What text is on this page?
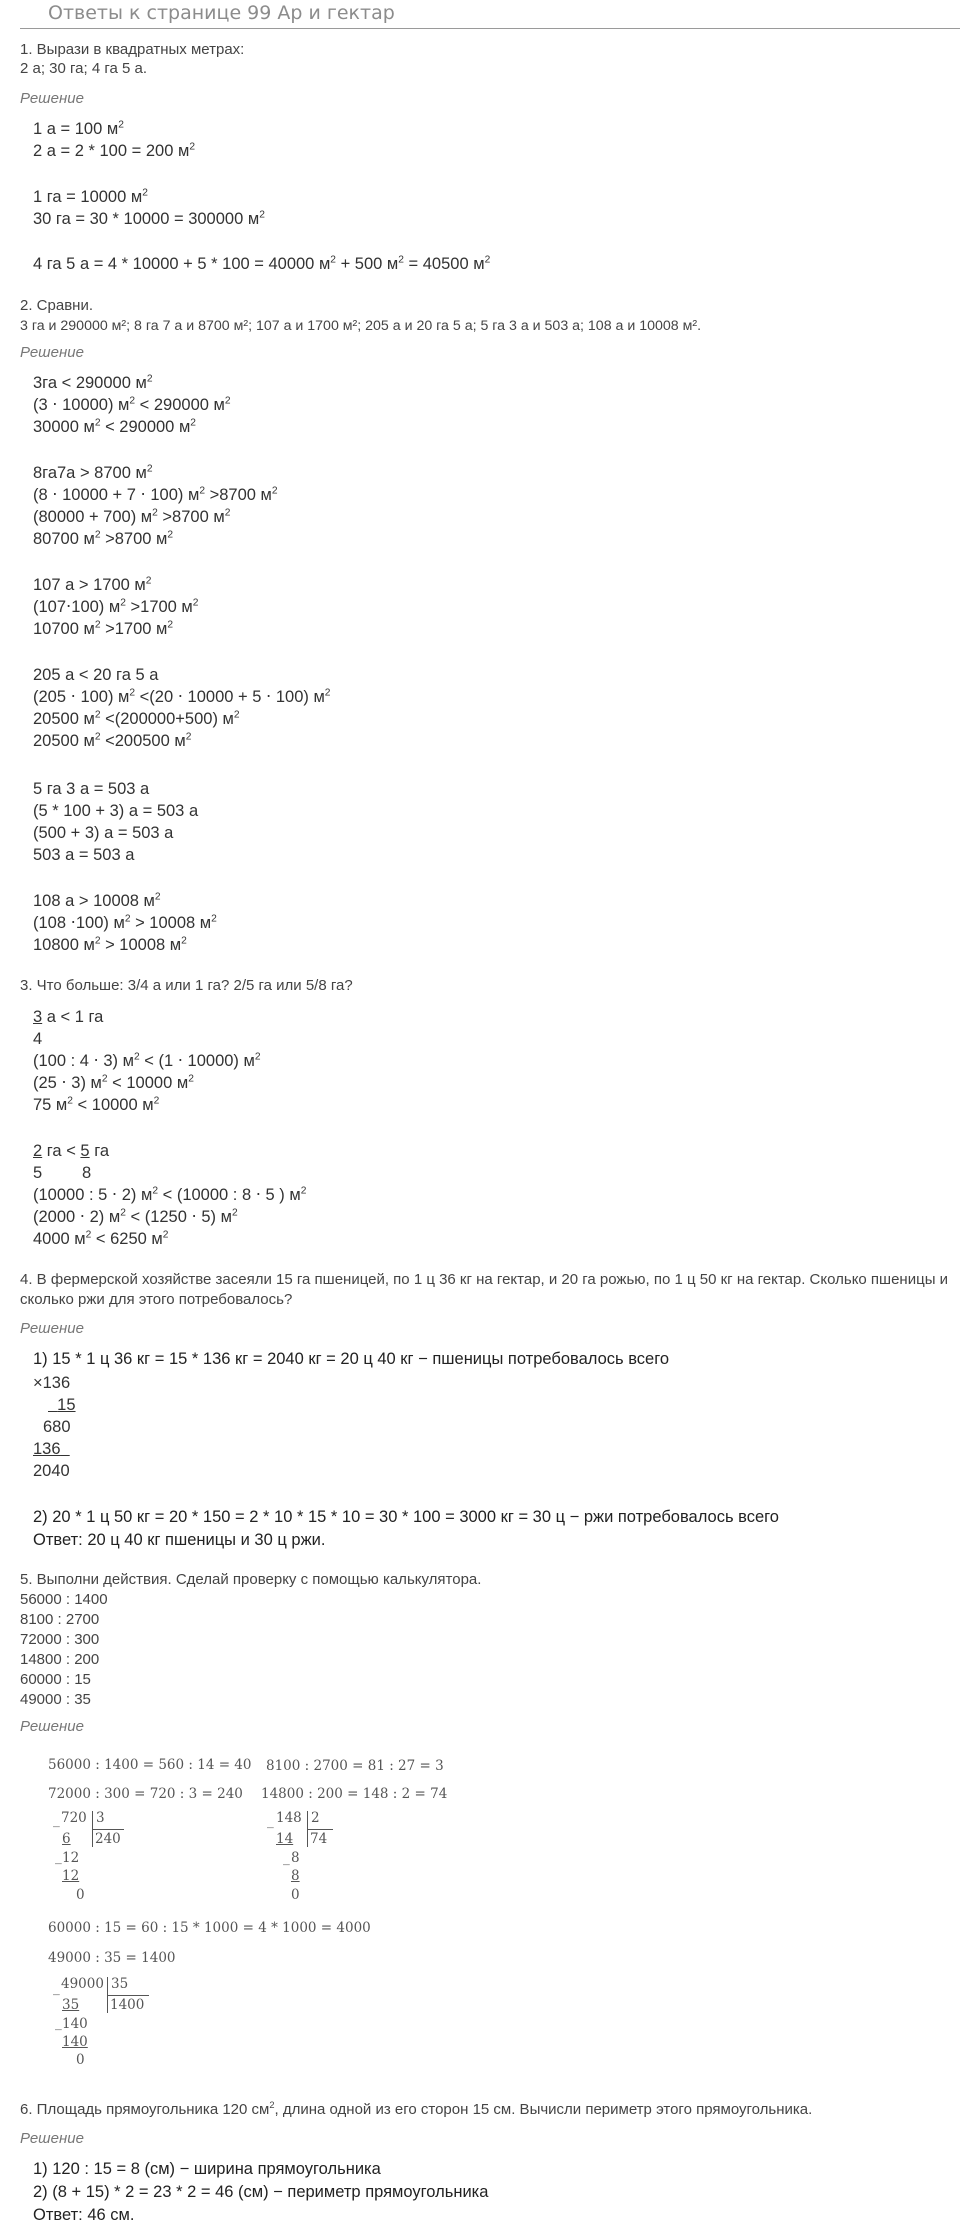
Ответы к странице 99 Ар и гектар
1. Вырази в квадратных метрах:
2 а; 30 га; 4 га 5 а.
Решение
1 а = 100 $м^2$
2 а = 2 * 100 = 200 $м^2$
1 га = 10000 $м^2$
30 га = 30 * 10000 = 300000 $м^2$
4 га 5 а = 4 * 10000 + 5 * 100 = 40000 $м^2 + 500$ $м^2 = 40500$ $м^2$
2. Сравни.
3 га и 290000 м²; 8 га 7 а и 8700 м²; 107 а и 1700 м²; 205 а и 20 га 5 а; 5 га 3 а и 503 а; 108 а и 10008 м².
Решение
3га < 290000 $м^2$
(3 ⋅ 10000) $м^2 < 290000$ $м^2$
30000 $м^2 < 290000$ $м^2$
8га7а > 8700 $м^2$
(8 ⋅ 10000 + 7 ⋅ 100) $м^2 >8700$ $м^2$
(80000 + 700) $м^2 >8700$ $м^2$
80700 $м^2 >8700$ $м^2$
107 а > 1700 $м^2$
(107⋅100) $м^2 >1700$ $м^2$
10700 $м^2 >1700$ $м^2$
205 а < 20 га 5 а
(205 ⋅ 100) $м^2 <(20 \cdot 10000 + 5 \cdot 100)$ $м^2$
20500 $м^2 <(200000+500)$ $м^2$
20500 $м^2 <200500$ $м^2$
5 га 3 а = 503 а
(5 * 100 + 3) а = 503 а
(500 + 3) а = 503 а
503 а = 503 а
108 а > 10008 $м^2$
(108 ⋅100) $м^2 > 10008$ $м^2$
10800 $м^2 > 10008$ $м^2$
3. Что больше: 3/4 а или 1 га? 2/5 га или 5/8 га?
3 а < 1 га
4
(100 : 4 ⋅ 3) $м^2 < (1 \cdot 10000)$ $м^2$
(25 ⋅ 3) $м^2 < 10000$ $м^2$
75 $м^2 < 10000$ $м^2$
2 га < 5 га
5 8
(10000 : 5 ⋅ 2) $м^2 < (10000$ : 8 ⋅ 5 ) $м^2$
(2000 ⋅ 2) $м^2 < (1250 \cdot 5)$ $м^2$
4000 $м^2 < 6250$ $м^2$
4. В фермерской хозяйстве засеяли 15 га пшеницей, по 1 ц 36 кг на гектар, и 20 га рожью, по 1 ц 50 кг на гектар. Сколько пшеницы и сколько ржи для этого потребовалось?
Решение
1) 15 * 1 ц 36 кг = 15 * 136 кг = 2040 кг = 20 ц 40 кг − пшеницы потребовалось всего
×136
15
680
136
2040
2) 20 * 1 ц 50 кг = 20 * 150 = 2 * 10 * 15 * 10 = 30 * 100 = 3000 кг = 30 ц − ржи потребовалось всего
Ответ: 20 ц 40 кг пшеницы и 30 ц ржи.
5. Выполни действия. Сделай проверку с помощью калькулятора.
56000 : 1400
8100 : 2700
72000 : 300
14800 : 200
60000 : 15
49000 : 35
Решение
56000 : 1400 = 560 : 14 = 40 8100 : 2700 = 81 : 27 = 3
72000 : 300 = 720 : 3 = 240 14800 : 200 = 148 : 2 = 74
_ 720 3
240
6
_ 12
12
0
_ 148 2
74
14
_ 8
8
0
60000 : 15 = 60 : 15 * 1000 = 4 * 1000 = 4000
49000 : 35 = 1400
_ 49000 35
1400
35
_ 140
140
0
6. Площадь прямоугольника 120 $см^2$, длина одной из его сторон 15 см. Вычисли периметр этого прямоугольника.
Решение
1) 120 : 15 = 8 (см) − ширина прямоугольника
2) (8 + 15) * 2 = 23 * 2 = 46 (см) − периметр прямоугольника
Ответ: 46 см.
